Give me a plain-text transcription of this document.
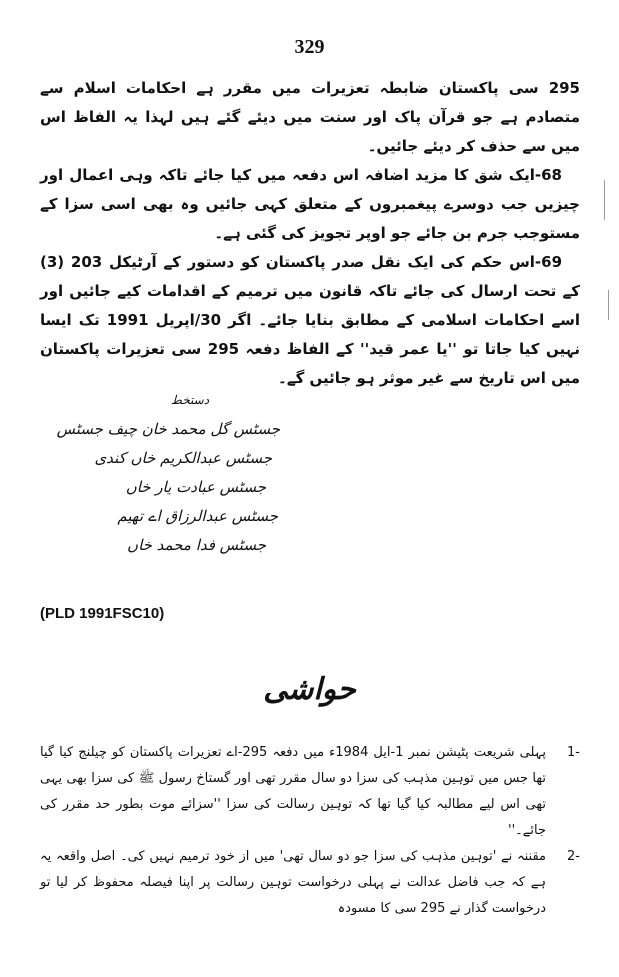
329

295 سی پاکستان ضابطہ تعزیرات میں مقرر ہے احکامات اسلام سے متصادم ہے جو قرآن پاک اور سنت میں دیئے گئے ہیں لہذا یہ الفاظ اس میں سے حذف کر دیئے جائیں۔

68-ایک شق کا مزید اضافہ اس دفعہ میں کیا جائے تاکہ وہی اعمال اور چیزیں جب دوسرے پیغمبروں کے متعلق کہی جائیں وہ بھی اسی سزا کے مستوجب جرم بن جائے جو اوپر تجویز کی گئی ہے۔

69-اس حکم کی ایک نقل صدر پاکستان کو دستور کے آرٹیکل 203 (3) کے تحت ارسال کی جائے تاکہ قانون میں ترمیم کے اقدامات کیے جائیں اور اسے احکامات اسلامی کے مطابق بنایا جائے۔ اگر 30/اپریل 1991 تک ایسا نہیں کیا جاتا تو ''یا عمر قید'' کے الفاظ دفعہ 295 سی تعزیرات پاکستان میں اس تاریخ سے غیر موثر ہو جائیں گے۔

دستخط
جسٹس گل محمد خان چیف جسٹس
جسٹس عبدالکریم خاں کندی
جسٹس عبادت یار خاں
جسٹس عبدالرزاق اے تھیم
جسٹس فدا محمد خاں
(PLD 1991FSC10)
حواشی
-1
پہلی شریعت پٹیشن نمبر 1-ایل 1984ء میں دفعہ 295-اے تعزیرات پاکستان کو چیلنج کیا گیا تھا جس میں توہین مذہب کی سزا دو سال مقرر تھی اور گستاخ رسول ﷺ کی سزا بھی یہی تھی اس لیے مطالبہ کیا گیا تھا کہ توہین رسالت کی سزا ''سزائے موت بطور حد مقرر کی جائے۔''
-2
مقننہ نے 'توہین مذہب کی سزا جو دو سال تھی' میں از خود ترمیم نہیں کی۔ اصل واقعہ یہ ہے کہ جب فاضل عدالت نے پہلی درخواست توہین رسالت پر اپنا فیصلہ محفوظ کر لیا تو درخواست گذار نے 295 سی کا مسودہ
